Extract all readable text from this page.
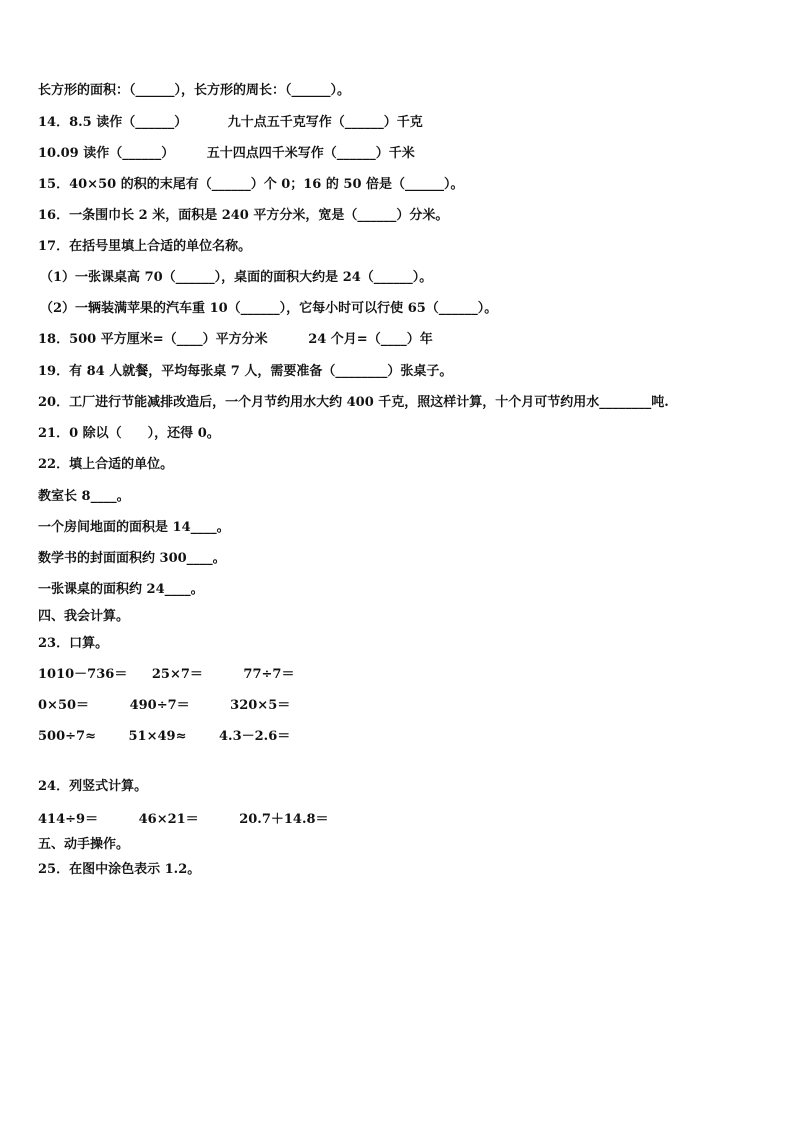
长方形的面积：（______），长方形的周长：（______）。
14．8.5 读作（______）	九十点五千克写作（______）千克
10.09 读作（______）	五十四点四千米写作（______）千米
15．40×50 的积的末尾有（______）个 0；16 的 50 倍是（______）。
16．一条围巾长 2 米，面积是 240 平方分米，宽是（______）分米。
17．在括号里填上合适的单位名称。
（1）一张课桌高 70（______），桌面的面积大约是 24（______）。
（2）一辆装满苹果的汽车重 10（______），它每小时可以行使 65（______）。
18．500 平方厘米=（____）平方分米	24 个月=（____）年
19．有 84 人就餐，平均每张桌 7 人，需要准备（________）张桌子。
20．工厂进行节能减排改造后，一个月节约用水大约 400 千克，照这样计算，十个月可节约用水________吨.
21．0 除以（　　），还得 0。
22．填上合适的单位。
教室长 8____。
一个房间地面的面积是 14____。
数学书的封面面积约 300____。
一张课桌的面积约 24____。
四、我会计算。
23．口算。
1010－736＝ 25×7＝	77÷7＝
0×50＝	490÷7＝	320×5＝
500÷7≈	51×49≈	4.3－2.6＝
24．列竖式计算。
414÷9＝	46×21＝	20.7＋14.8＝
五、动手操作。
25．在图中涂色表示 1.2。
